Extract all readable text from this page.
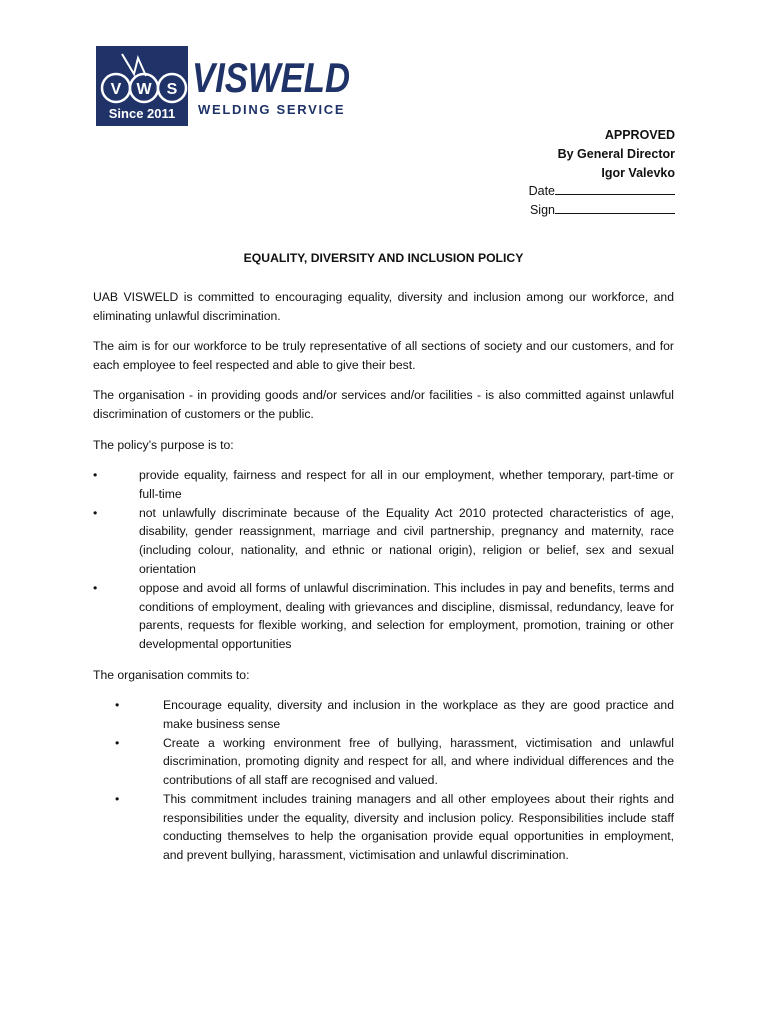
V W S
Since 2011
VISWELD
WELDING SERVICE
APPROVED
By General Director
Igor Valevko
Date
Sign
EQUALITY, DIVERSITY AND INCLUSION POLICY

UAB VISWELD is committed to encouraging equality, diversity and inclusion among our workforce, and eliminating unlawful discrimination.

The aim is for our workforce to be truly representative of all sections of society and our customers, and for each employee to feel respected and able to give their best.

The organisation - in providing goods and/or services and/or facilities - is also committed against unlawful discrimination of customers or the public.

The policy’s purpose is to:

•	provide equality, fairness and respect for all in our employment, whether temporary, part-time or full-time
•	not unlawfully discriminate because of the Equality Act 2010 protected characteristics of age, disability, gender reassignment, marriage and civil partnership, pregnancy and maternity, race (including colour, nationality, and ethnic or national origin), religion or belief, sex and sexual orientation
•	oppose and avoid all forms of unlawful discrimination. This includes in pay and benefits, terms and conditions of employment, dealing with grievances and discipline, dismissal, redundancy, leave for parents, requests for flexible working, and selection for employment, promotion, training or other developmental opportunities

The organisation commits to:

•	Encourage equality, diversity and inclusion in the workplace as they are good practice and make business sense
•	Create a working environment free of bullying, harassment, victimisation and unlawful discrimination, promoting dignity and respect for all, and where individual differences and the contributions of all staff are recognised and valued.
•	This commitment includes training managers and all other employees about their rights and responsibilities under the equality, diversity and inclusion policy. Responsibilities include staff conducting themselves to help the organisation provide equal opportunities in employment, and prevent bullying, harassment, victimisation and unlawful discrimination.
